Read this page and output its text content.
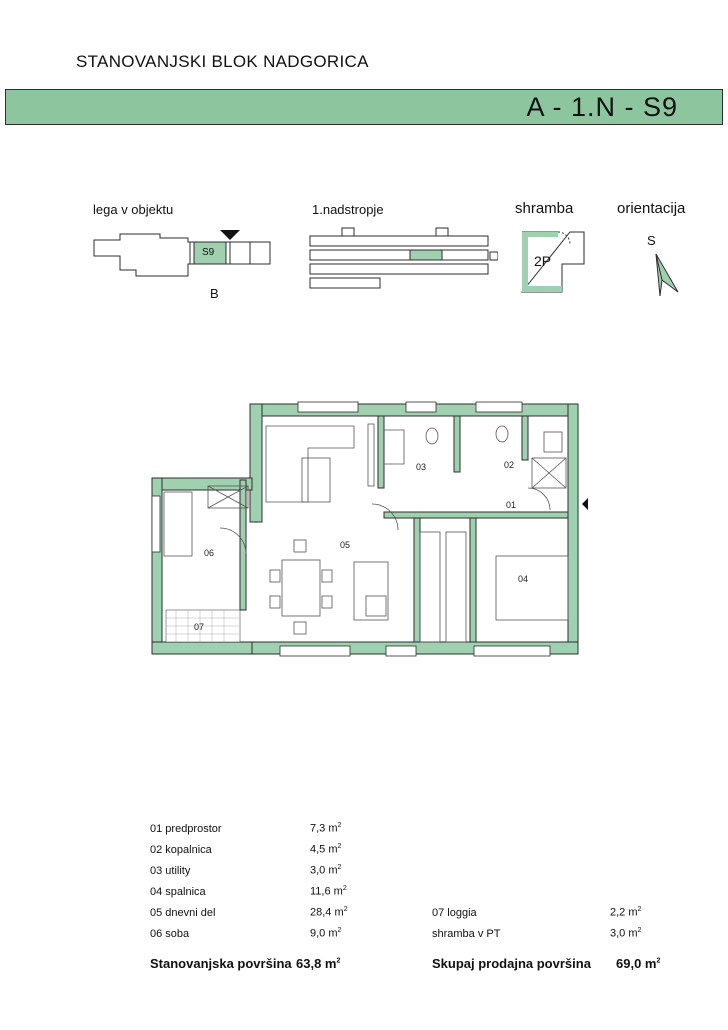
STANOVANJSKI BLOK NADGORICA
A - 1.N - S9
lega v objektu	1.nadstropje	shramba	orientacija
S9
B
2P
S
01
02
03
04
05
06
07
01 predprostor	7,3 $m^2$
02 kopalnica	4,5 $m^2$
03 utility	3,0 $m^2$
04 spalnica	11,6 $m^2$
05 dnevni del	28,4 $m^2$
06 soba	9,0 $m^2$
Stanovanjska površina 63,8 $m^2$
07 loggia	2,2 $m^2$
shramba v PT	3,0 $m^2$
Skupaj prodajna površina 69,0 $m^2$
